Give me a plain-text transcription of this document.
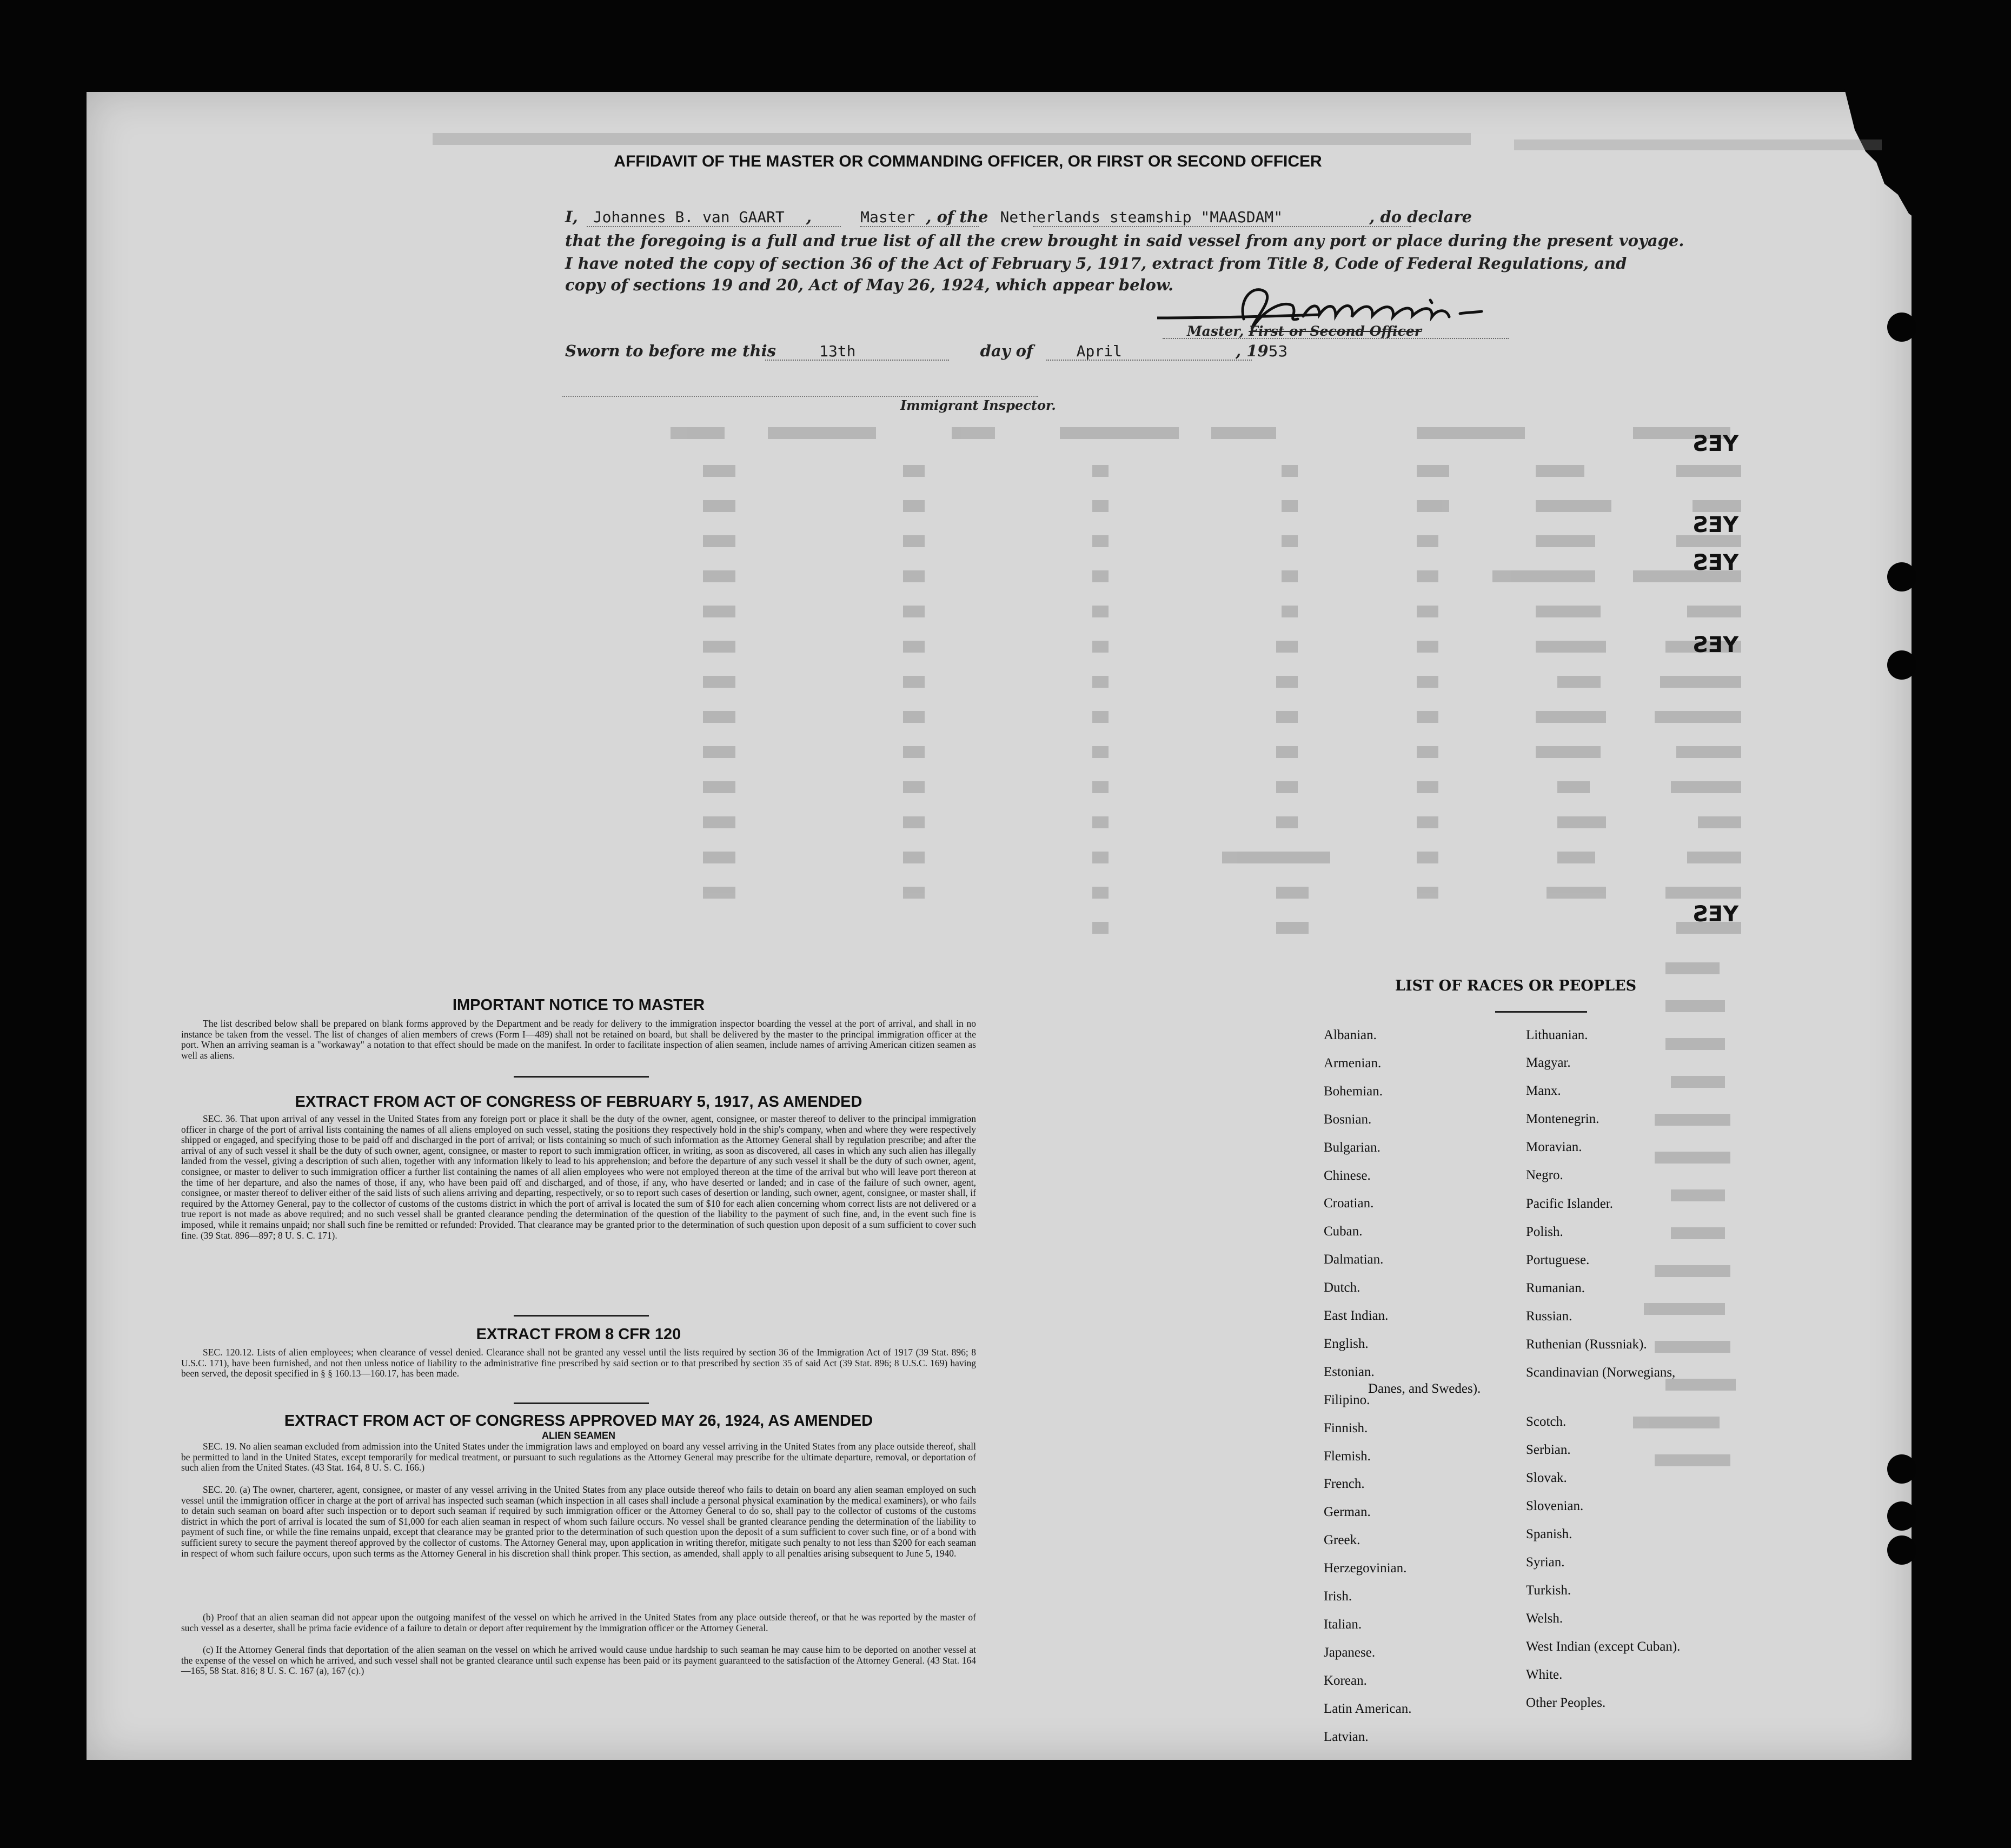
YES
YES
YES
YES
YES
AFFIDAVIT OF THE MASTER OR COMMANDING OFFICER, OR FIRST OR SECOND OFFICER
I, Johannes B. van GAART ,	Master , of the Netherlands steamship "MAASDAM"	, do declare
that the foregoing is a full and true list of all the crew brought in said vessel from any port or place during the present voyage.
I have noted the copy of section 36 of the Act of February 5, 1917, extract from Title 8, Code of Federal Regulations, and
copy of sections 19 and 20, Act of May 26, 1924, which appear below.
Master, First or Second Officer
Sworn to before me this	13th	day of	April	, 1953
Immigrant Inspector.
IMPORTANT NOTICE TO MASTER
The list described below shall be prepared on blank forms approved by the Department and be ready for delivery to the immigration inspector boarding the vessel at the port of arrival, and shall in no instance be taken from the vessel. The list of changes of alien members of crews (Form I—489) shall not be retained on board, but shall be delivered by the master to the principal immigration officer at the port. When an arriving seaman is a "workaway" a notation to that effect should be made on the manifest. In order to facilitate inspection of alien seamen, include names of arriving American citizen seamen as well as aliens.
EXTRACT FROM ACT OF CONGRESS OF FEBRUARY 5, 1917, AS AMENDED
SEC. 36. That upon arrival of any vessel in the United States from any foreign port or place it shall be the duty of the owner, agent, consignee, or master thereof to deliver to the principal immigration officer in charge of the port of arrival lists containing the names of all aliens employed on such vessel, stating the positions they respectively hold in the ship's company, when and where they were respectively shipped or engaged, and specifying those to be paid off and discharged in the port of arrival; or lists containing so much of such information as the Attorney General shall by regulation prescribe; and after the arrival of any of such vessel it shall be the duty of such owner, agent, consignee, or master to report to such immigration officer, in writing, as soon as discovered, all cases in which any such alien has illegally landed from the vessel, giving a description of such alien, together with any information likely to lead to his apprehension; and before the departure of any such vessel it shall be the duty of such owner, agent, consignee, or master to deliver to such immigration officer a further list containing the names of all alien employees who were not employed thereon at the time of the arrival but who will leave port thereon at the time of her departure, and also the names of those, if any, who have been paid off and discharged, and of those, if any, who have deserted or landed; and in case of the failure of such owner, agent, consignee, or master thereof to deliver either of the said lists of such aliens arriving and departing, respectively, or so to report such cases of desertion or landing, such owner, agent, consignee, or master shall, if required by the Attorney General, pay to the collector of customs of the customs district in which the port of arrival is located the sum of $10 for each alien concerning whom correct lists are not delivered or a true report is not made as above required; and no such vessel shall be granted clearance pending the determination of the question of the liability to the payment of such fine, and, in the event such fine is imposed, while it remains unpaid; nor shall such fine be remitted or refunded: Provided. That clearance may be granted prior to the determination of such question upon deposit of a sum sufficient to cover such fine. (39 Stat. 896—897; 8 U. S. C. 171).
EXTRACT FROM 8 CFR 120
SEC. 120.12. Lists of alien employees; when clearance of vessel denied. Clearance shall not be granted any vessel until the lists required by section 36 of the Immigration Act of 1917 (39 Stat. 896; 8 U.S.C. 171), have been furnished, and not then unless notice of liability to the administrative fine prescribed by said section or to that prescribed by section 35 of said Act (39 Stat. 896; 8 U.S.C. 169) having been served, the deposit specified in § § 160.13—160.17, has been made.
EXTRACT FROM ACT OF CONGRESS APPROVED MAY 26, 1924, AS AMENDED
ALIEN SEAMEN
SEC. 19. No alien seaman excluded from admission into the United States under the immigration laws and employed on board any vessel arriving in the United States from any place outside thereof, shall be permitted to land in the United States, except temporarily for medical treatment, or pursuant to such regulations as the Attorney General may prescribe for the ultimate departure, removal, or deportation of such alien from the United States. (43 Stat. 164, 8 U. S. C. 166.)
SEC. 20. (a) The owner, charterer, agent, consignee, or master of any vessel arriving in the United States from any place outside thereof who fails to detain on board any alien seaman employed on such vessel until the immigration officer in charge at the port of arrival has inspected such seaman (which inspection in all cases shall include a personal physical examination by the medical examiners), or who fails to detain such seaman on board after such inspection or to deport such seaman if required by such immigration officer or the Attorney General to do so, shall pay to the collector of customs of the customs district in which the port of arrival is located the sum of $1,000 for each alien seaman in respect of whom such failure occurs. No vessel shall be granted clearance pending the determination of the liability to payment of such fine, or while the fine remains unpaid, except that clearance may be granted prior to the determination of such question upon the deposit of a sum sufficient to cover such fine, or of a bond with sufficient surety to secure the payment thereof approved by the collector of customs. The Attorney General may, upon application in writing therefor, mitigate such penalty to not less than $200 for each seaman in respect of whom such failure occurs, upon such terms as the Attorney General in his discretion shall think proper. This section, as amended, shall apply to all penalties arising subsequent to June 5, 1940.
(b) Proof that an alien seaman did not appear upon the outgoing manifest of the vessel on which he arrived in the United States from any place outside thereof, or that he was reported by the master of such vessel as a deserter, shall be prima facie evidence of a failure to detain or deport after requirement by the immigration officer or the Attorney General.
(c) If the Attorney General finds that deportation of the alien seaman on the vessel on which he arrived would cause undue hardship to such seaman he may cause him to be deported on another vessel at the expense of the vessel on which he arrived, and such vessel shall not be granted clearance until such expense has been paid or its payment guaranteed to the satisfaction of the Attorney General. (43 Stat. 164—165, 58 Stat. 816; 8 U. S. C. 167 (a), 167 (c).)
LIST OF RACES OR PEOPLES
Albanian.
Armenian.
Bohemian.
Bosnian.
Bulgarian.
Chinese.
Croatian.
Cuban.
Dalmatian.
Dutch.
East Indian.
English.
Estonian.
Filipino.
Finnish.
Flemish.
French.
German.
Greek.
Herzegovinian.
Irish.
Italian.
Japanese.
Korean.
Latin American.
Latvian.
Lithuanian.
Magyar.
Manx.
Montenegrin.
Moravian.
Negro.
Pacific Islander.
Polish.
Portuguese.
Rumanian.
Russian.
Ruthenian (Russniak).
Scandinavian (Norwegians,
Danes, and Swedes).
Scotch.
Serbian.
Slovak.
Slovenian.
Spanish.
Syrian.
Turkish.
Welsh.
West Indian (except Cuban).
White.
Other Peoples.
